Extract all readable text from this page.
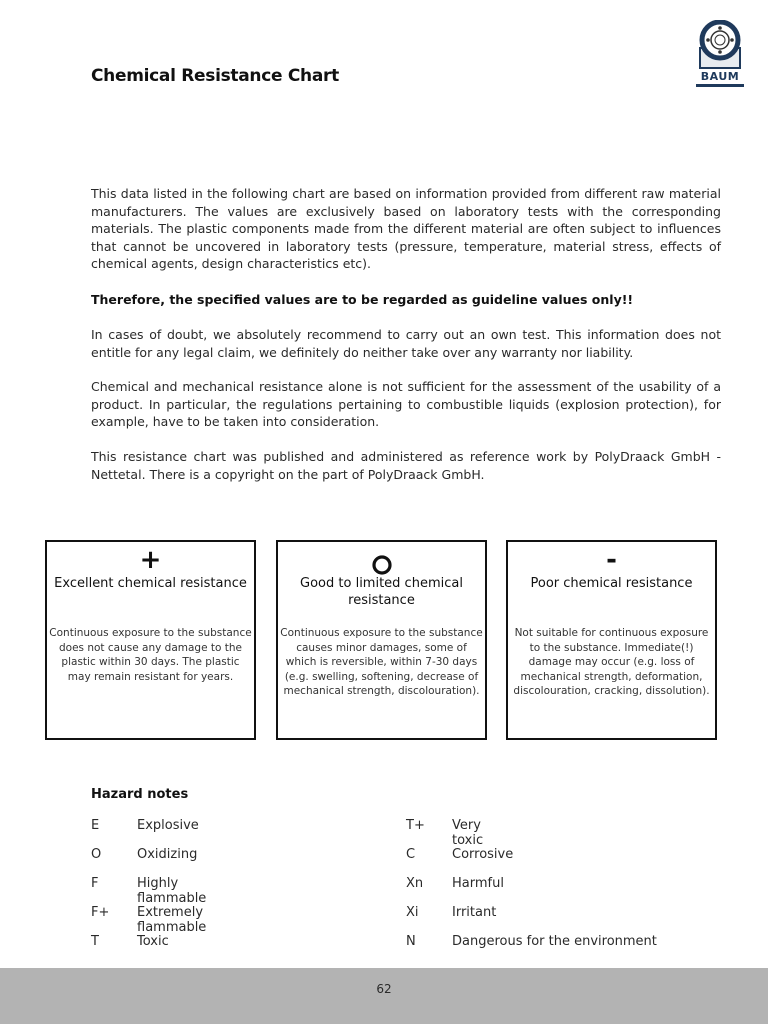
Chemical Resistance Chart	BAUM

This data listed in the following chart are based on information provided from different raw material manufacturers. The values are exclusively based on laboratory tests with the corresponding materials. The plastic components made from the different material are often subject to influences that cannot be uncovered in laboratory tests (pressure, temperature, material stress, effects of chemical agents, design characteristics etc).

Therefore, the specified values are to be regarded as guideline values only!!

In cases of doubt, we absolutely recommend to carry out an own test. This information does not entitle for any legal claim, we definitely do neither take over any warranty nor liability.

Chemical and mechanical resistance alone is not sufficient for the assessment of the usability of a product. In particular, the regulations pertaining to combustible liquids (explosion protection), for example, have to be taken into consideration.

This resistance chart was published and administered as reference work by PolyDraack GmbH - Nettetal. There is a copyright on the part of PolyDraack GmbH.

+
Excellent chemical resistance
Continuous exposure to the substance does not cause any damage to the plastic within 30 days. The plastic may remain resistant for years.
Good to limited chemical resistance
Continuous exposure to the substance causes minor damages, some of which is reversible, within 7-30 days (e.g. swelling, softening, decrease of mechanical strength, discolouration).
-
Poor chemical resistance
Not suitable for continuous exposure to the substance. Immediate(!) damage may occur (e.g. loss of mechanical strength, deformation, discolouration, cracking, dissolution).
Hazard notes
E	Explosive
O	Oxidizing
F	Highly flammable
F+ Extremely flammable
T	Toxic
T+ Very toxic
C	Corrosive
Xn Harmful
Xi	Irritant
N	Dangerous for the environment
62
